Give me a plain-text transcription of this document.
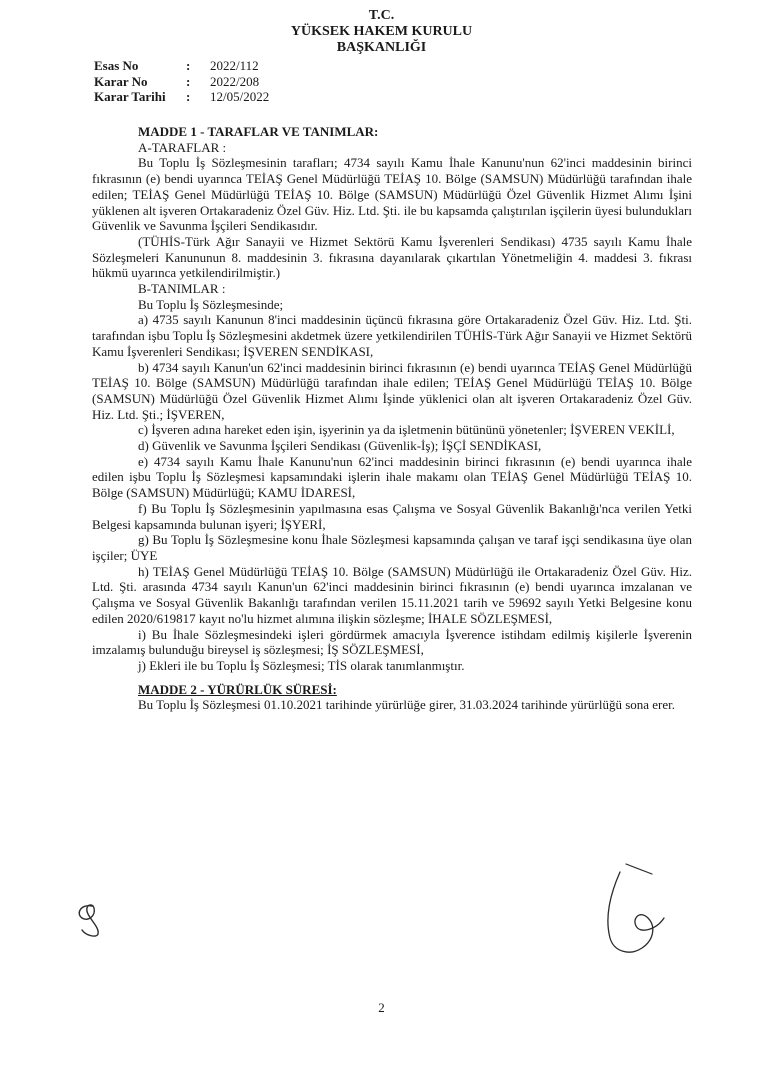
T.C.
YÜKSEK HAKEM KURULU
BAŞKANLIĞI
Esas No	:	2022/112
Karar No	:	2022/208
Karar Tarihi	:	12/05/2022
MADDE 1 - TARAFLAR VE TANIMLAR:
A-TARAFLAR :

Bu Toplu İş Sözleşmesinin tarafları; 4734 sayılı Kamu İhale Kanunu'nun 62'inci maddesinin birinci fıkrasının (e) bendi uyarınca TEİAŞ Genel Müdürlüğü TEİAŞ 10. Bölge (SAMSUN) Müdürlüğü tarafından ihale edilen; TEİAŞ Genel Müdürlüğü TEİAŞ 10. Bölge (SAMSUN) Müdürlüğü Özel Güvenlik Hizmet Alımı İşini yüklenen alt işveren Ortakaradeniz Özel Güv. Hiz. Ltd. Şti. ile bu kapsamda çalıştırılan işçilerin üyesi bulundukları Güvenlik ve Savunma İşçileri Sendikasıdır.

(TÜHİS-Türk Ağır Sanayii ve Hizmet Sektörü Kamu İşverenleri Sendikası) 4735 sayılı Kamu İhale Sözleşmeleri Kanununun 8. maddesinin 3. fıkrasına dayanılarak çıkartılan Yönetmeliğin 4. maddesi 3. fıkrası hükmü uyarınca yetkilendirilmiştir.)

B-TANIMLAR :
Bu Toplu İş Sözleşmesinde;

a) 4735 sayılı Kanunun 8'inci maddesinin üçüncü fıkrasına göre Ortakaradeniz Özel Güv. Hiz. Ltd. Şti. tarafından işbu Toplu İş Sözleşmesini akdetmek üzere yetkilendirilen TÜHİS-Türk Ağır Sanayii ve Hizmet Sektörü Kamu İşverenleri Sendikası; İŞVEREN SENDİKASI,

b) 4734 sayılı Kanun'un 62'inci maddesinin birinci fıkrasının (e) bendi uyarınca TEİAŞ Genel Müdürlüğü TEİAŞ 10. Bölge (SAMSUN) Müdürlüğü tarafından ihale edilen; TEİAŞ Genel Müdürlüğü TEİAŞ 10. Bölge (SAMSUN) Müdürlüğü Özel Güvenlik Hizmet Alımı İşinde yüklenici olan alt işveren Ortakaradeniz Özel Güv. Hiz. Ltd. Şti.; İŞVEREN,

c) İşveren adına hareket eden işin, işyerinin ya da işletmenin bütününü yönetenler; İŞVEREN VEKİLİ,

d) Güvenlik ve Savunma İşçileri Sendikası (Güvenlik-İş); İŞÇİ SENDİKASI,

e) 4734 sayılı Kamu İhale Kanunu'nun 62'inci maddesinin birinci fıkrasının (e) bendi uyarınca ihale edilen işbu Toplu İş Sözleşmesi kapsamındaki işlerin ihale makamı olan TEİAŞ Genel Müdürlüğü TEİAŞ 10. Bölge (SAMSUN) Müdürlüğü; KAMU İDARESİ,

f) Bu Toplu İş Sözleşmesinin yapılmasına esas Çalışma ve Sosyal Güvenlik Bakanlığı'nca verilen Yetki Belgesi kapsamında bulunan işyeri; İŞYERİ,

g) Bu Toplu İş Sözleşmesine konu İhale Sözleşmesi kapsamında çalışan ve taraf işçi sendikasına üye olan işçiler; ÜYE

h) TEİAŞ Genel Müdürlüğü TEİAŞ 10. Bölge (SAMSUN) Müdürlüğü ile Ortakaradeniz Özel Güv. Hiz. Ltd. Şti. arasında 4734 sayılı Kanun'un 62'inci maddesinin birinci fıkrasının (e) bendi uyarınca imzalanan ve Çalışma ve Sosyal Güvenlik Bakanlığı tarafından verilen 15.11.2021 tarih ve 59692 sayılı Yetki Belgesine konu edilen 2020/619817 kayıt no'lu hizmet alımına ilişkin sözleşme; İHALE SÖZLEŞMESİ,

i) Bu İhale Sözleşmesindeki işleri gördürmek amacıyla İşverence istihdam edilmiş kişilerle İşverenin imzalamış bulunduğu bireysel iş sözleşmesi; İŞ SÖZLEŞMESİ,

j) Ekleri ile bu Toplu İş Sözleşmesi; TİS olarak tanımlanmıştır.

MADDE 2 - YÜRÜRLÜK SÜRESİ:

Bu Toplu İş Sözleşmesi 01.10.2021 tarihinde yürürlüğe girer, 31.03.2024 tarihinde yürürlüğü sona erer.

2
